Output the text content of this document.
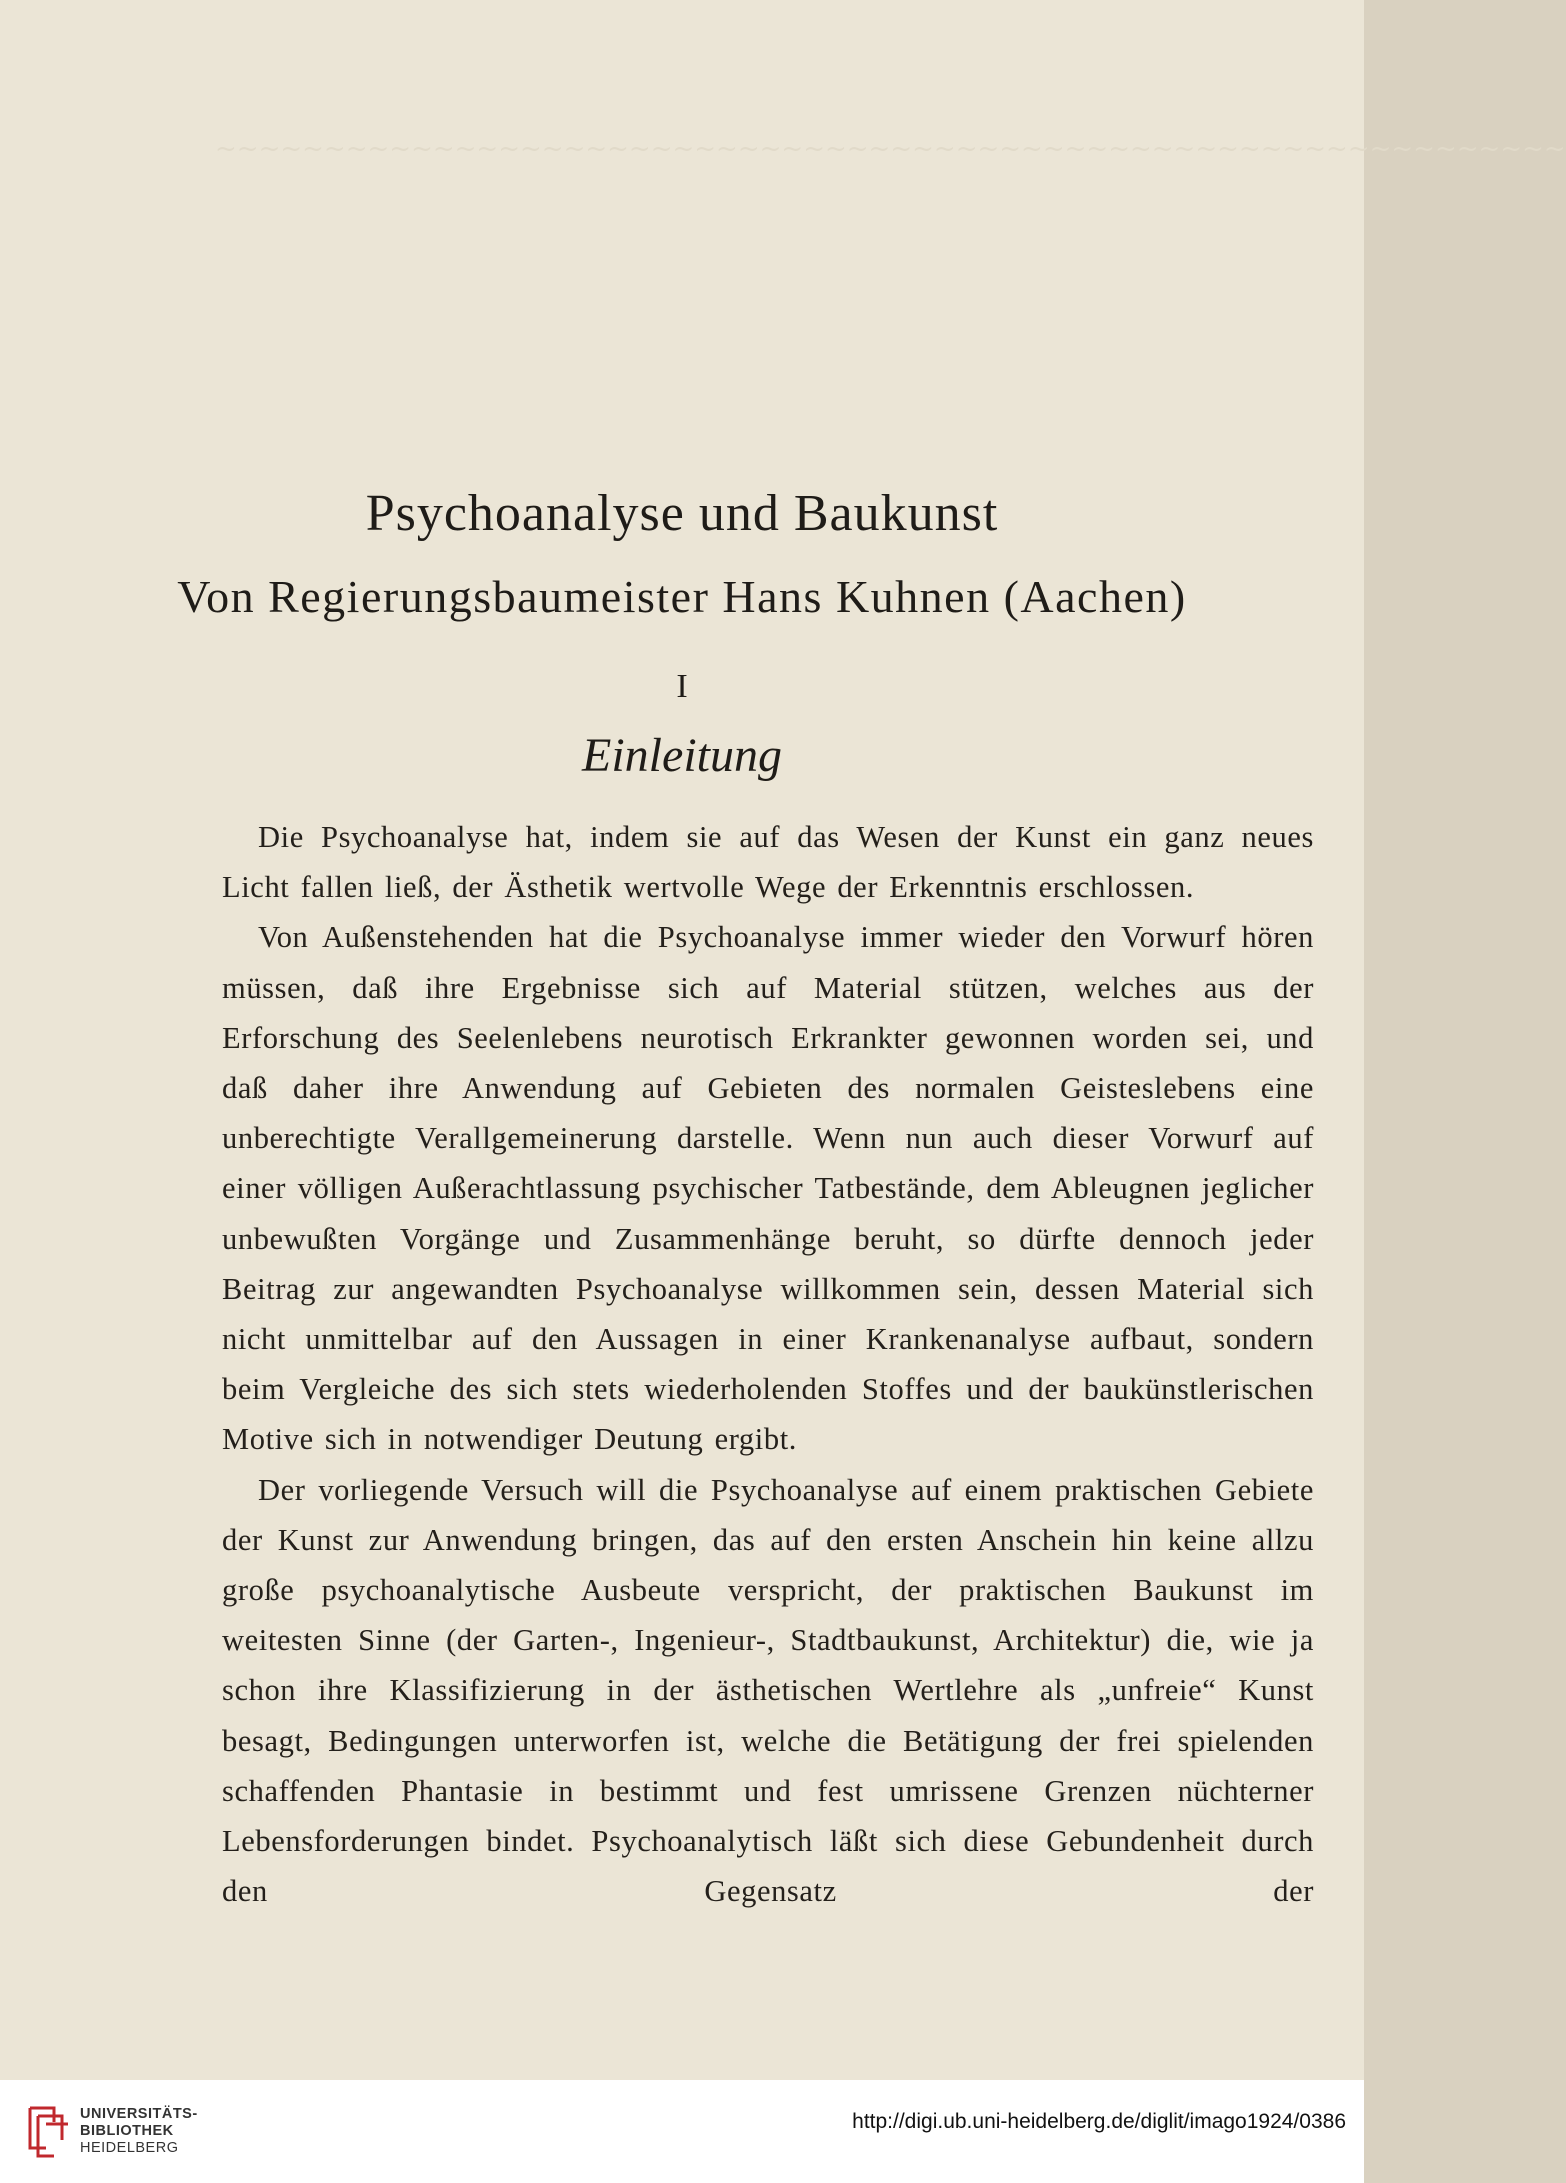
~~~~~~~~~~~~~~~~~~~~~~~~~~~~~~~~~~~~~~~~~~~~~~~~~~~~~~~~~~~~~~
Psychoanalyse und Baukunst
Von Regierungsbaumeister Hans Kuhnen (Aachen)
I
Einleitung

Die Psychoanalyse hat, indem sie auf das Wesen der Kunst ein ganz neues Licht fallen ließ, der Ästhetik wertvolle Wege der Erkenntnis erschlossen.

Von Außenstehenden hat die Psychoanalyse immer wieder den Vorwurf hören müssen, daß ihre Ergebnisse sich auf Material stützen, welches aus der Erforschung des Seelenlebens neurotisch Erkrankter gewonnen worden sei, und daß daher ihre Anwendung auf Gebieten des normalen Geisteslebens eine unberechtigte Verallgemeinerung darstelle. Wenn nun auch dieser Vorwurf auf einer völligen Außerachtlassung psychischer Tatbestände, dem Ableugnen jeglicher unbewußten Vorgänge und Zusammenhänge beruht, so dürfte dennoch jeder Beitrag zur angewandten Psychoanalyse willkommen sein, dessen Material sich nicht unmittelbar auf den Aussagen in einer Krankenanalyse aufbaut, sondern beim Vergleiche des sich stets wiederholenden Stoffes und der baukünstlerischen Motive sich in notwendiger Deutung ergibt.

Der vorliegende Versuch will die Psychoanalyse auf einem praktischen Gebiete der Kunst zur Anwendung bringen, das auf den ersten Anschein hin keine allzu große psychoanalytische Ausbeute verspricht, der praktischen Baukunst im weitesten Sinne (der Garten-, Ingenieur-, Stadtbaukunst, Architektur) die, wie ja schon ihre Klassifizierung in der ästhetischen Wertlehre als „unfreie“ Kunst besagt, Bedingungen unterworfen ist, welche die Betätigung der frei spielenden schaffenden Phantasie in bestimmt und fest umrissene Grenzen nüchterner Lebensforderungen bindet. Psychoanalytisch läßt sich diese Gebundenheit durch den Gegensatz der

UNIVERSITÄTS-
BIBLIOTHEK
HEIDELBERG
http://digi.ub.uni-heidelberg.de/diglit/imago1924/0386
